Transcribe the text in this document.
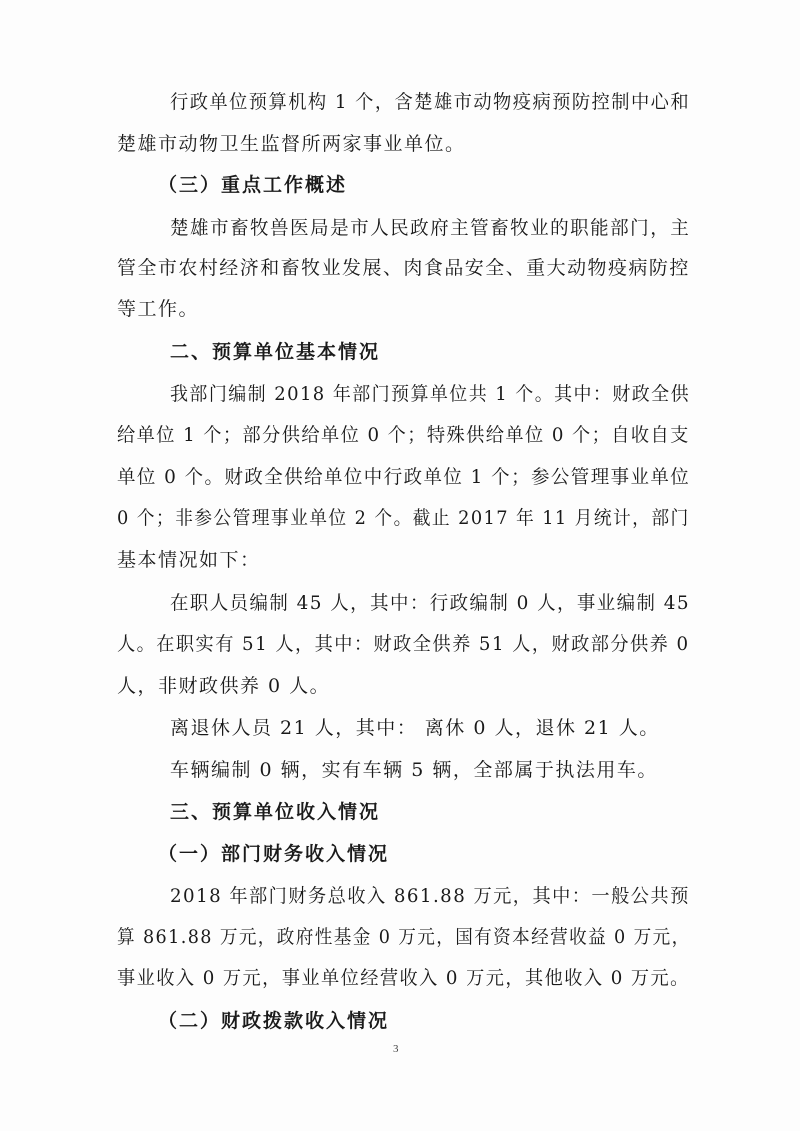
行政单位预算机构 1 个，含楚雄市动物疫病预防控制中心和
楚雄市动物卫生监督所两家事业单位。
（三）重点工作概述
楚雄市畜牧兽医局是市人民政府主管畜牧业的职能部门，主
管全市农村经济和畜牧业发展、肉食品安全、重大动物疫病防控
等工作。
二、预算单位基本情况
我部门编制 2018 年部门预算单位共 1 个。其中：财政全供
给单位 1 个；部分供给单位 0 个；特殊供给单位 0 个；自收自支
单位 0 个。财政全供给单位中行政单位 1 个；参公管理事业单位
0 个；非参公管理事业单位 2 个。截止 2017 年 11 月统计，部门
基本情况如下：
在职人员编制 45 人，其中：行政编制 0 人，事业编制 45
人。在职实有 51 人，其中：财政全供养 51 人，财政部分供养 0
人，非财政供养 0 人。
离退休人员 21 人，其中： 离休 0 人，退休 21 人。
车辆编制 0 辆，实有车辆 5 辆，全部属于执法用车。
三、预算单位收入情况
（一）部门财务收入情况
2018 年部门财务总收入 861.88 万元，其中：一般公共预
算 861.88 万元，政府性基金 0 万元，国有资本经营收益 0 万元，
事业收入 0 万元，事业单位经营收入 0 万元，其他收入 0 万元。
（二）财政拨款收入情况
3
